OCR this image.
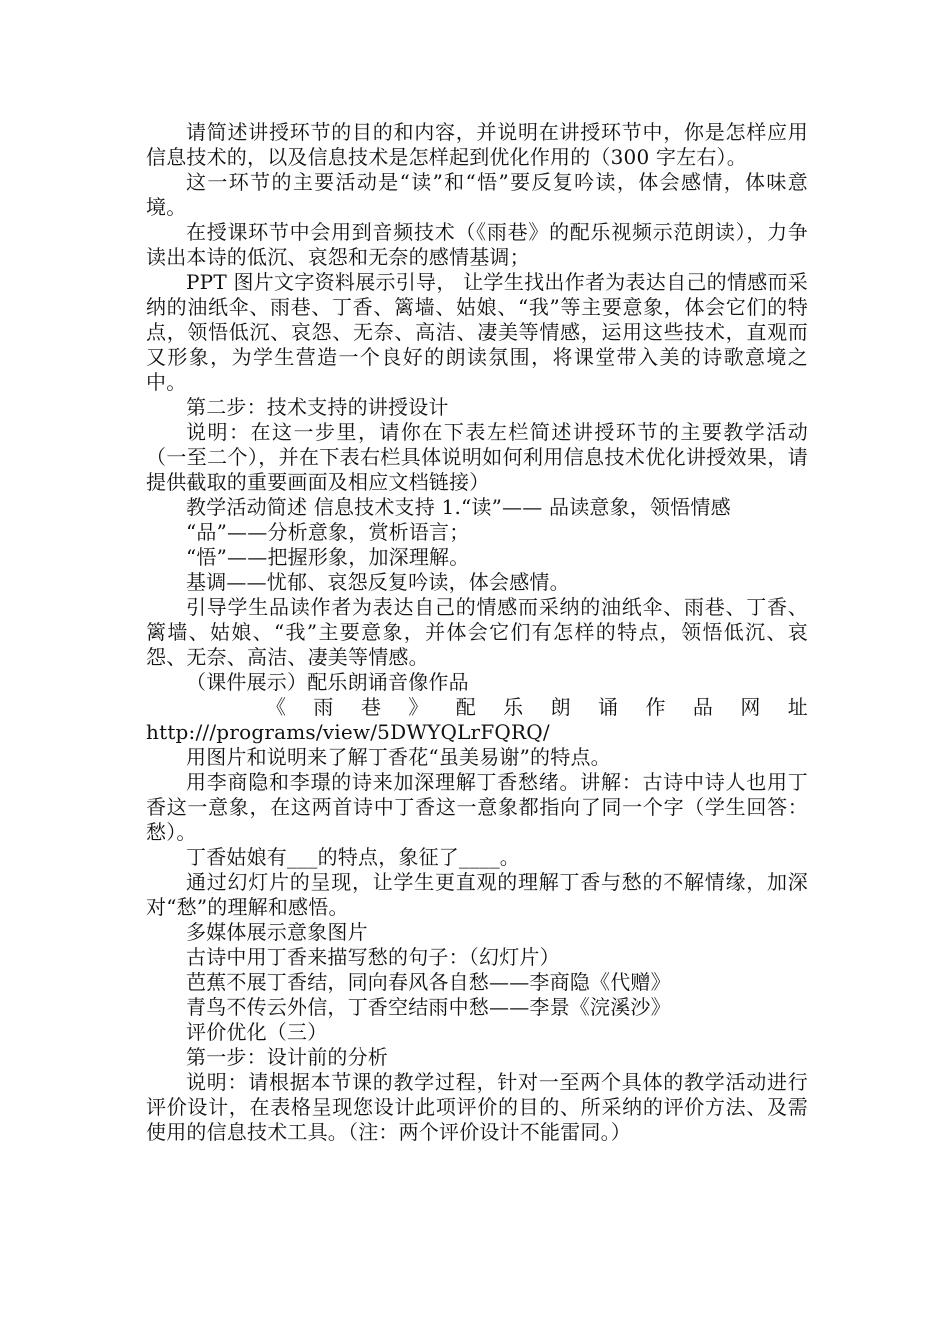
请简述讲授环节的目的和内容，并说明在讲授环节中，你是怎样应用信息技术的，以及信息技术是怎样起到优化作用的（300 字左右）。

这一环节的主要活动是“读”和“悟”要反复吟读，体会感情，体味意境。

在授课环节中会用到音频技术（《雨巷》的配乐视频示范朗读），力争读出本诗的低沉、哀怨和无奈的感情基调；

PPT 图片文字资料展示引导， 让学生找出作者为表达自己的情感而采纳的油纸伞、雨巷、丁香、篱墙、姑娘、“我”等主要意象，体会它们的特点，领悟低沉、哀怨、无奈、高洁、凄美等情感，运用这些技术，直观而又形象，为学生营造一个良好的朗读氛围，将课堂带入美的诗歌意境之中。

第二步：技术支持的讲授设计

说明：在这一步里，请你在下表左栏简述讲授环节的主要教学活动（一至二个），并在下表右栏具体说明如何利用信息技术优化讲授效果，请提供截取的重要画面及相应文档链接）

教学活动简述 信息技术支持 1.“读”—— 品读意象，领悟情感

“品”——分析意象，赏析语言；

“悟”——把握形象，加深理解。

基调——忧郁、哀怨反复吟读，体会感情。

引导学生品读作者为表达自己的情感而采纳的油纸伞、雨巷、丁香、篱墙、姑娘、“我”主要意象，并体会它们有怎样的特点，领悟低沉、哀怨、无奈、高洁、凄美等情感。

（课件展示）配乐朗诵音像作品

《 雨 巷 》 配 乐 朗 诵 作 品 网 址

http:///programs/view/5DWYQLrFQRQ/

用图片和说明来了解丁香花“虽美易谢”的特点。

用李商隐和李璟的诗来加深理解丁香愁绪。讲解：古诗中诗人也用丁香这一意象，在这两首诗中丁香这一意象都指向了同一个字（学生回答：愁）。

丁香姑娘有___的特点，象征了____。

通过幻灯片的呈现，让学生更直观的理解丁香与愁的不解情缘，加深对“愁”的理解和感悟。

多媒体展示意象图片

古诗中用丁香来描写愁的句子：（幻灯片）

芭蕉不展丁香结，同向春风各自愁——李商隐《代赠》

青鸟不传云外信，丁香空结雨中愁——李景《浣溪沙》

评价优化（三）

第一步：设计前的分析

说明：请根据本节课的教学过程，针对一至两个具体的教学活动进行评价设计，在表格呈现您设计此项评价的目的、所采纳的评价方法、及需使用的信息技术工具。（注：两个评价设计不能雷同。）
